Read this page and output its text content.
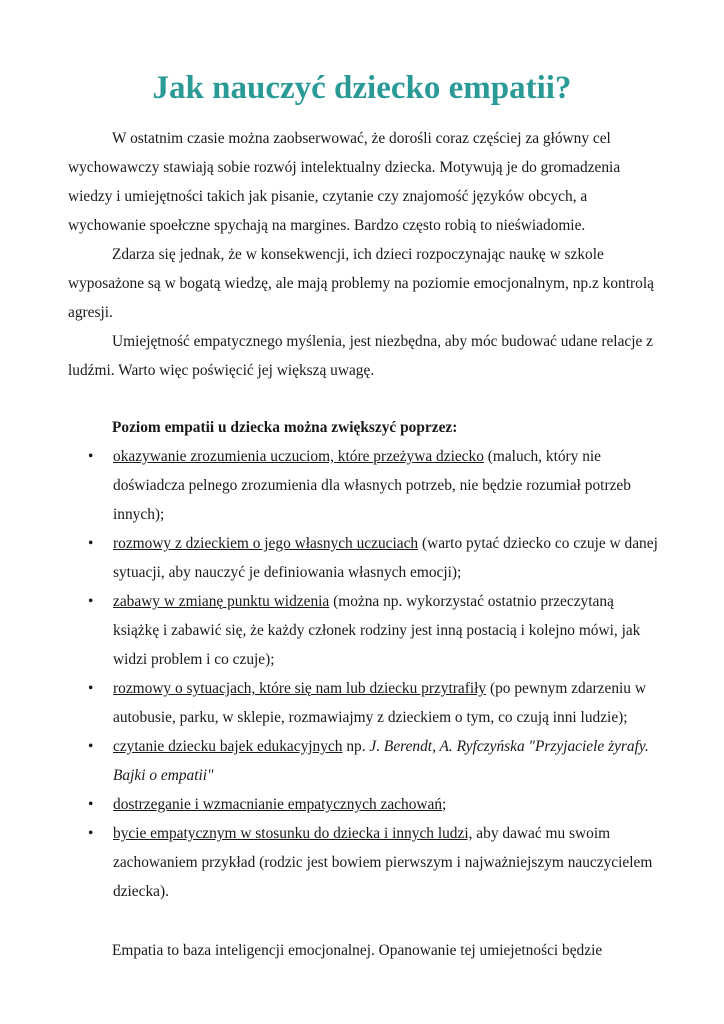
Jak nauczyć dziecko empatii?

W ostatnim czasie można zaobserwować, że dorośli coraz częściej za główny cel wychowawczy stawiają sobie rozwój intelektualny dziecka. Motywują je do gromadzenia wiedzy i umiejętności takich jak pisanie, czytanie czy znajomość języków obcych, a wychowanie spoełczne spychają na margines. Bardzo często robią to nieświadomie.

Zdarza się jednak, że w konsekwencji, ich dzieci rozpoczynając naukę w szkole wyposażone są w bogatą wiedzę, ale mają problemy na poziomie emocjonalnym, np.z kontrolą agresji.

Umiejętność empatycznego myślenia, jest niezbędna, aby móc budować udane relacje z ludźmi. Warto więc poświęcić jej większą uwagę.

Poziom empatii u dziecka można zwiększyć poprzez:

•	okazywanie zrozumienia uczuciom, które przeżywa dziecko (maluch, który nie doświadcza pelnego zrozumienia dla własnych potrzeb, nie będzie rozumiał potrzeb innych);
•	rozmowy z dzieckiem o jego własnych uczuciach (warto pytać dziecko co czuje w danej sytuacji, aby nauczyć je definiowania własnych emocji);
•	zabawy w zmianę punktu widzenia (można np. wykorzystać ostatnio przeczytaną książkę i zabawić się, że każdy członek rodziny jest inną postacią i kolejno mówi, jak widzi problem i co czuje);
•	rozmowy o sytuacjach, które się nam lub dziecku przytrafiły (po pewnym zdarzeniu w autobusie, parku, w sklepie, rozmawiajmy z dzieckiem o tym, co czują inni ludzie);
•	czytanie dziecku bajek edukacyjnych np. J. Berendt, A. Ryfczyńska "Przyjaciele żyrafy. Bajki o empatii"
•	dostrzeganie i wzmacnianie empatycznych zachowań;
•	bycie empatycznym w stosunku do dziecka i innych ludzi, aby dawać mu swoim zachowaniem przykład (rodzic jest bowiem pierwszym i najważniejszym nauczycielem dziecka).

Empatia to baza inteligencji emocjonalnej. Opanowanie tej umiejetności będzie
